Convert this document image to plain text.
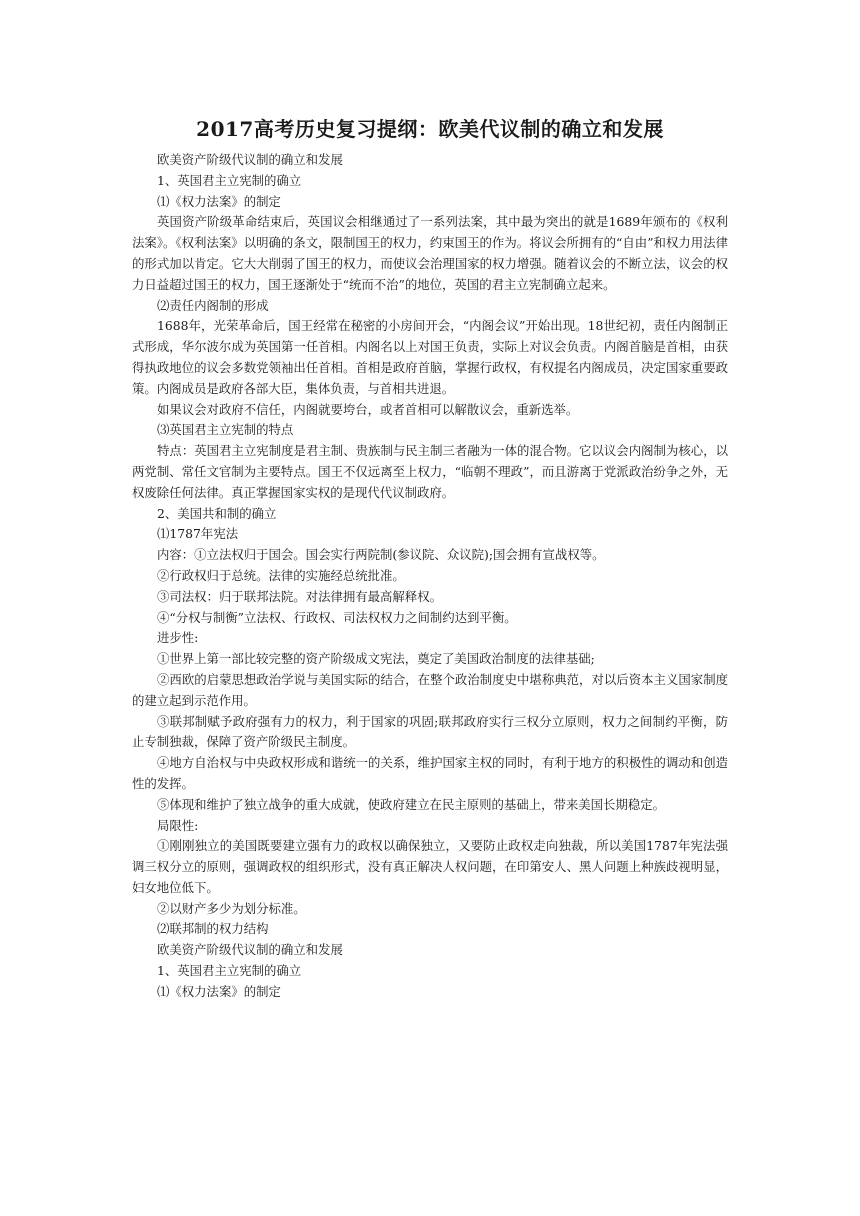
2017高考历史复习提纲：欧美代议制的确立和发展

欧美资产阶级代议制的确立和发展

1、英国君主立宪制的确立

⑴《权力法案》的制定

英国资产阶级革命结束后，英国议会相继通过了一系列法案，其中最为突出的就是1689年颁布的《权利法案》。《权利法案》以明确的条文，限制国王的权力，约束国王的作为。将议会所拥有的“自由”和权力用法律的形式加以肯定。它大大削弱了国王的权力，而使议会治理国家的权力增强。随着议会的不断立法，议会的权力日益超过国王的权力，国王逐渐处于“统而不治”的地位，英国的君主立宪制确立起来。

⑵责任内阁制的形成

1688年，光荣革命后，国王经常在秘密的小房间开会，“内阁会议”开始出现。18世纪初，责任内阁制正式形成，华尔波尔成为英国第一任首相。内阁名以上对国王负责，实际上对议会负责。内阁首脑是首相，由获得执政地位的议会多数党领袖出任首相。首相是政府首脑，掌握行政权，有权提名内阁成员，决定国家重要政策。内阁成员是政府各部大臣，集体负责，与首相共进退。

如果议会对政府不信任，内阁就要垮台，或者首相可以解散议会，重新选举。

⑶英国君主立宪制的特点

特点：英国君主立宪制度是君主制、贵族制与民主制三者融为一体的混合物。它以议会内阁制为核心，以两党制、常任文官制为主要特点。国王不仅远离至上权力，“临朝不理政”，而且游离于党派政治纷争之外，无权废除任何法律。真正掌握国家实权的是现代代议制政府。

2、美国共和制的确立

⑴1787年宪法

内容：①立法权归于国会。国会实行两院制(参议院、众议院);国会拥有宣战权等。

②行政权归于总统。法律的实施经总统批准。

③司法权：归于联邦法院。对法律拥有最高解释权。

④“分权与制衡”立法权、行政权、司法权权力之间制约达到平衡。

进步性:

①世界上第一部比较完整的资产阶级成文宪法，奠定了美国政治制度的法律基础;

②西欧的启蒙思想政治学说与美国实际的结合，在整个政治制度史中堪称典范，对以后资本主义国家制度的建立起到示范作用。

③联邦制赋予政府强有力的权力，利于国家的巩固;联邦政府实行三权分立原则，权力之间制约平衡，防止专制独裁，保障了资产阶级民主制度。

④地方自治权与中央政权形成和谐统一的关系，维护国家主权的同时，有利于地方的积极性的调动和创造性的发挥。

⑤体现和维护了独立战争的重大成就，使政府建立在民主原则的基础上，带来美国长期稳定。

局限性:

①刚刚独立的美国既要建立强有力的政权以确保独立，又要防止政权走向独裁，所以美国1787年宪法强调三权分立的原则，强调政权的组织形式，没有真正解决人权问题，在印第安人、黑人问题上种族歧视明显，妇女地位低下。

②以财产多少为划分标准。

⑵联邦制的权力结构

欧美资产阶级代议制的确立和发展

1、英国君主立宪制的确立

⑴《权力法案》的制定
